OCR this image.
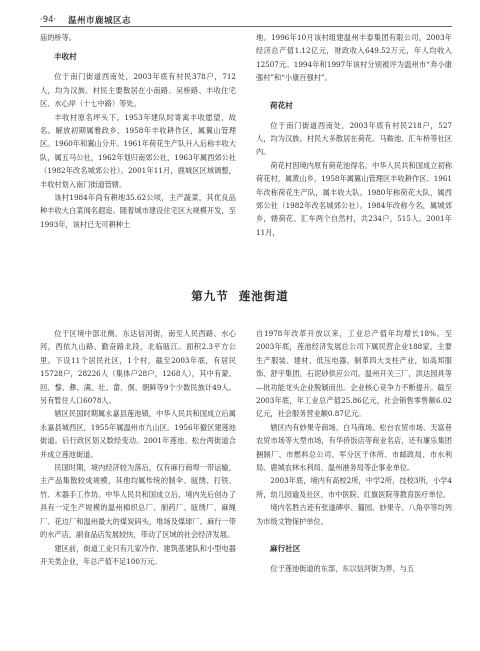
·94· 温州市鹿城区志

庙的桥等。

丰收村

位于南门街道西南处，2003年底有村民378户，712人，均为汉族。村民主要散居在小南路、吴桥路、丰收住宅区、水心岸（十七中路）等处。

丰收村原名坪头下。1953年建队时寄寓丰收愿望，故名。解放初期属雅政乡，1958年丰收耕作区，属翼山管理区。1960年和翼山分开。1961年荷花生产队升入后称丰收大队，属五马公社，1962年划归南郊公社，1963年属西郊公社（1982年改名城郊公社）。2001年11月，鹿城区区域调整，丰收村划入南门街道管辖。

该村1984年尚有耕地35.62公顷，主产蔬菜，其优良品种丰收大白菜闻名遐迩。随着城市建设住宅区大规模开发，至1993年，该村已无可耕种土

地。1996年10月该村组建温州丰泰集团有限公司，2003年经济总产值1.12亿元，财政收入649.52万元，年人均收入12507元。1994年和1997年该村分别被评为温州市“奔小康强村”和“小康百强村”。

荷花村

位于南门街道西南处，2003年底有村民218户，527人，均为汉族。村民大多散居在荷花、马鞍池、汇车桥等社区内。

荷花村因境内原有荷花池得名。中华人民共和国成立初称荷花村，属黄山乡。1958年属翼山管理区丰收耕作区。1961年改称荷花生产队，属丰收大队。1980年称荷花大队，属西郊公社（1982年改名城郊公社）。1984年改称今名，属城郊乡，辖荷花、汇车两个自然村，共234户，515人。2001年11月，

第九节 莲池街道

位于区境中部北侧，东达信河街，南至人民西路、水心河，西依九山路、勤奋路北段，北临瓯江。面积2.3平方公里。下设11个居民社区，1个村，截至2003年底，有居民15728户，28226人（集体户28户，1268人），其中有蒙、回、黎、彝、满、壮、畲、侗、朝鲜等9个少数民族计49人。另有暂住人口6078人。

辖区民国时期属永嘉县莲池镇，中华人民共和国成立后属永嘉县城西区，1955年属温州市九山区。1956年撤区建莲池街道。后行政区划又数经变动。2001年莲池、松台两街道合并成立莲池街道。

民国时期，境内经济较为落后，仅有麻行商埠一带运输，主产品集散较成规模，其他均属传统的制伞、瓯绣、打铁、竹、木器手工作坊。中华人民共和国成立后，境内先后创办了具有一定生产规模的温州棉织总厂、制药厂、瓯绣厂、麻绳厂、花边厂和温州最大的煤炭码头，堆场及煤球厂。麻行一带的水产店，副食品店发展较快，带动了区域的社会经济发展。

建区前，街道工业只有几家冷作、建筑基建队和小型电器开关类企业，年总产值不足100万元。

自1978年改革开放以来，工业总产值年均增长18%。至2003年底，莲池经济发展总公司下属民营企业188家，主要生产服装、建材、低压电器、制革四大支柱产业，如高邦服饰、舒宇集团，石泥砂供应公司。温州开关三厂，洪达园具等—批功能龙头企业脱颖而出。企业核心竞争力不断提升。截至2003年底，年工业总产值25.86亿元，社会销售零售额6.02亿元，社会服务营业额0.87亿元。

辖区内有妙果寺商场、白马商场、松台农贸市场、天富巷农贸市场等大型市场，有华侨饭店等商业名店，还有廉乐集团捆制厂、市燃料总公司、军分区干休所、市邮政局、市水利局、鹿城农林水利局、温州港务局等企事业单位。

2003年底，境内有高校2所，中学2所，技校3所，小学4所，幼儿园逾及社区，市中医院、红旗医院等教育医疗单位。

境内名胜古迹有张遂碑亭、籀园、妙果寺、八角亭等均列为市级文物保护单位。

麻行社区

位于莲池街道的东部，东以信河街为界，与五
